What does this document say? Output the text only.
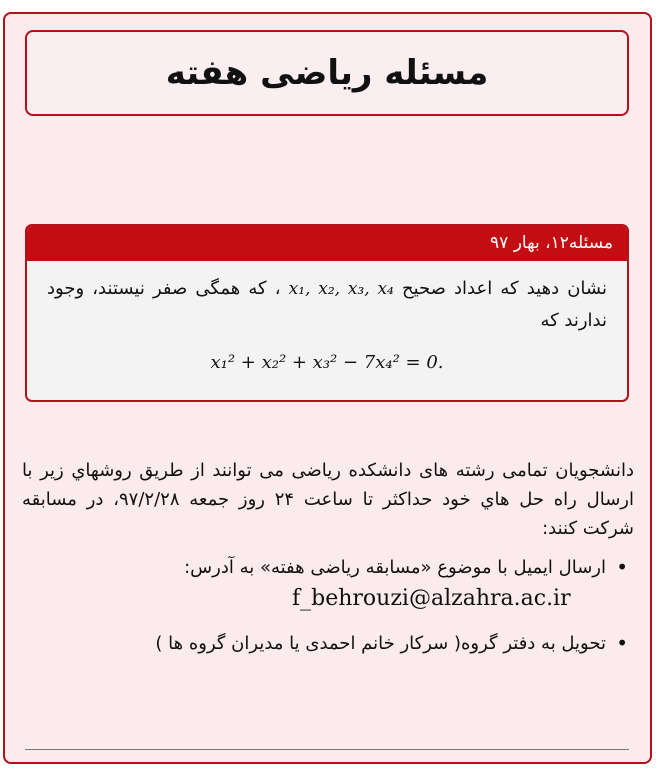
مسئله ریاضی هفته
مسئله۱۲، بهار ۹۷
نشان دهید که اعداد صحیح x₁, x₂, x₃, x₄ ، که همگی صفر نیستند، وجود ندارند که
x₁² + x₂² + x₃² − 7x₄² = 0.

دانشجویان تمامی رشته های دانشکده ریاضی می توانند از طریق روشهاي زیر با ارسال راه حل هاي خود حداکثر تا ساعت ۲۴ روز جمعه ۹۷/۲/۲۸، در مسابقه شرکت کنند:

• ارسال ایمیل با موضوع «مسابقه ریاضی هفته» به آدرس:
f_behrouzi@alzahra.ac.ir
• تحویل به دفتر گروه( سرکار خانم احمدی یا مدیران گروه ها )
